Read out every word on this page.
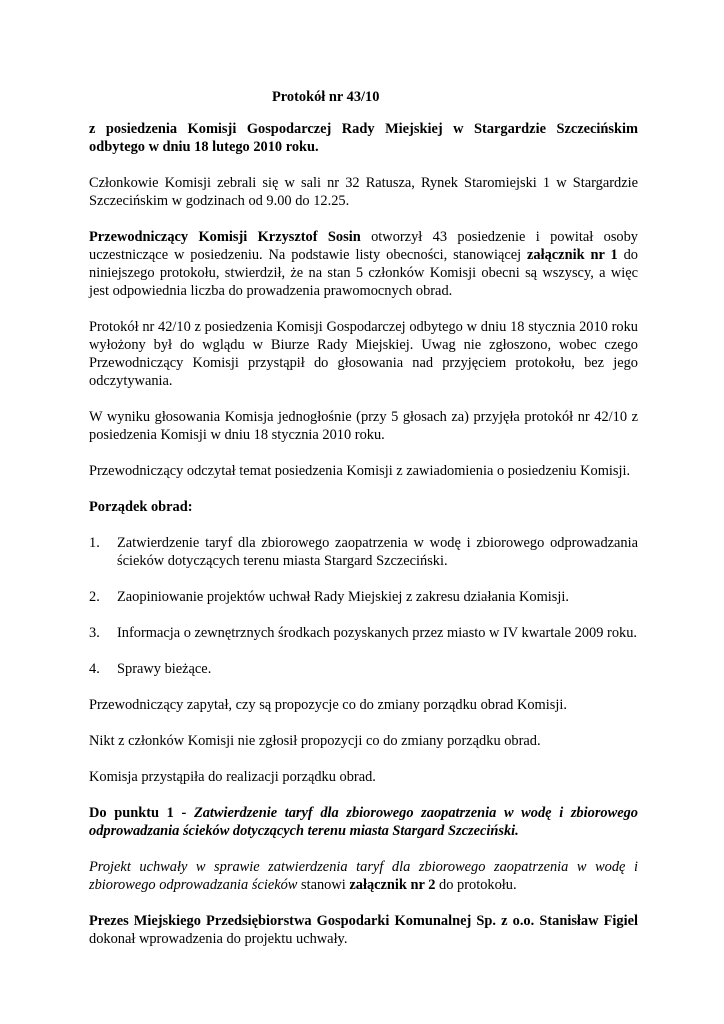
Protokół nr 43/10

z posiedzenia Komisji Gospodarczej Rady Miejskiej w Stargardzie Szczecińskim odbytego w dniu 18 lutego 2010 roku.

Członkowie Komisji zebrali się w sali nr 32 Ratusza, Rynek Staromiejski 1 w Stargardzie Szczecińskim w godzinach od 9.00 do 12.25.

Przewodniczący Komisji Krzysztof Sosin otworzył 43 posiedzenie i powitał osoby uczestniczące w posiedzeniu. Na podstawie listy obecności, stanowiącej załącznik nr 1 do niniejszego protokołu, stwierdził, że na stan 5 członków Komisji obecni są wszyscy, a więc jest odpowiednia liczba do prowadzenia prawomocnych obrad.

Protokół nr 42/10 z posiedzenia Komisji Gospodarczej odbytego w dniu 18 stycznia 2010 roku wyłożony był do wglądu w Biurze Rady Miejskiej. Uwag nie zgłoszono, wobec czego Przewodniczący Komisji przystąpił do głosowania nad przyjęciem protokołu, bez jego odczytywania.

W wyniku głosowania Komisja jednogłośnie (przy 5 głosach za) przyjęła protokół nr 42/10 z posiedzenia Komisji w dniu 18 stycznia 2010 roku.

Przewodniczący odczytał temat posiedzenia Komisji z zawiadomienia o posiedzeniu Komisji.

Porządek obrad:

1.	Zatwierdzenie taryf dla zbiorowego zaopatrzenia w wodę i zbiorowego odprowadzania ścieków dotyczących terenu miasta Stargard Szczeciński.
2.	Zaopiniowanie projektów uchwał Rady Miejskiej z zakresu działania Komisji.
3.	Informacja o zewnętrznych środkach pozyskanych przez miasto w IV kwartale 2009 roku.
4.	Sprawy bieżące.

Przewodniczący zapytał, czy są propozycje co do zmiany porządku obrad Komisji.

Nikt z członków Komisji nie zgłosił propozycji co do zmiany porządku obrad.

Komisja przystąpiła do realizacji porządku obrad.

Do punktu 1 - Zatwierdzenie taryf dla zbiorowego zaopatrzenia w wodę i zbiorowego odprowadzania ścieków dotyczących terenu miasta Stargard Szczeciński.

Projekt uchwały w sprawie zatwierdzenia taryf dla zbiorowego zaopatrzenia w wodę i zbiorowego odprowadzania ścieków stanowi załącznik nr 2 do protokołu.

Prezes Miejskiego Przedsiębiorstwa Gospodarki Komunalnej Sp. z o.o. Stanisław Figiel dokonał wprowadzenia do projektu uchwały.
